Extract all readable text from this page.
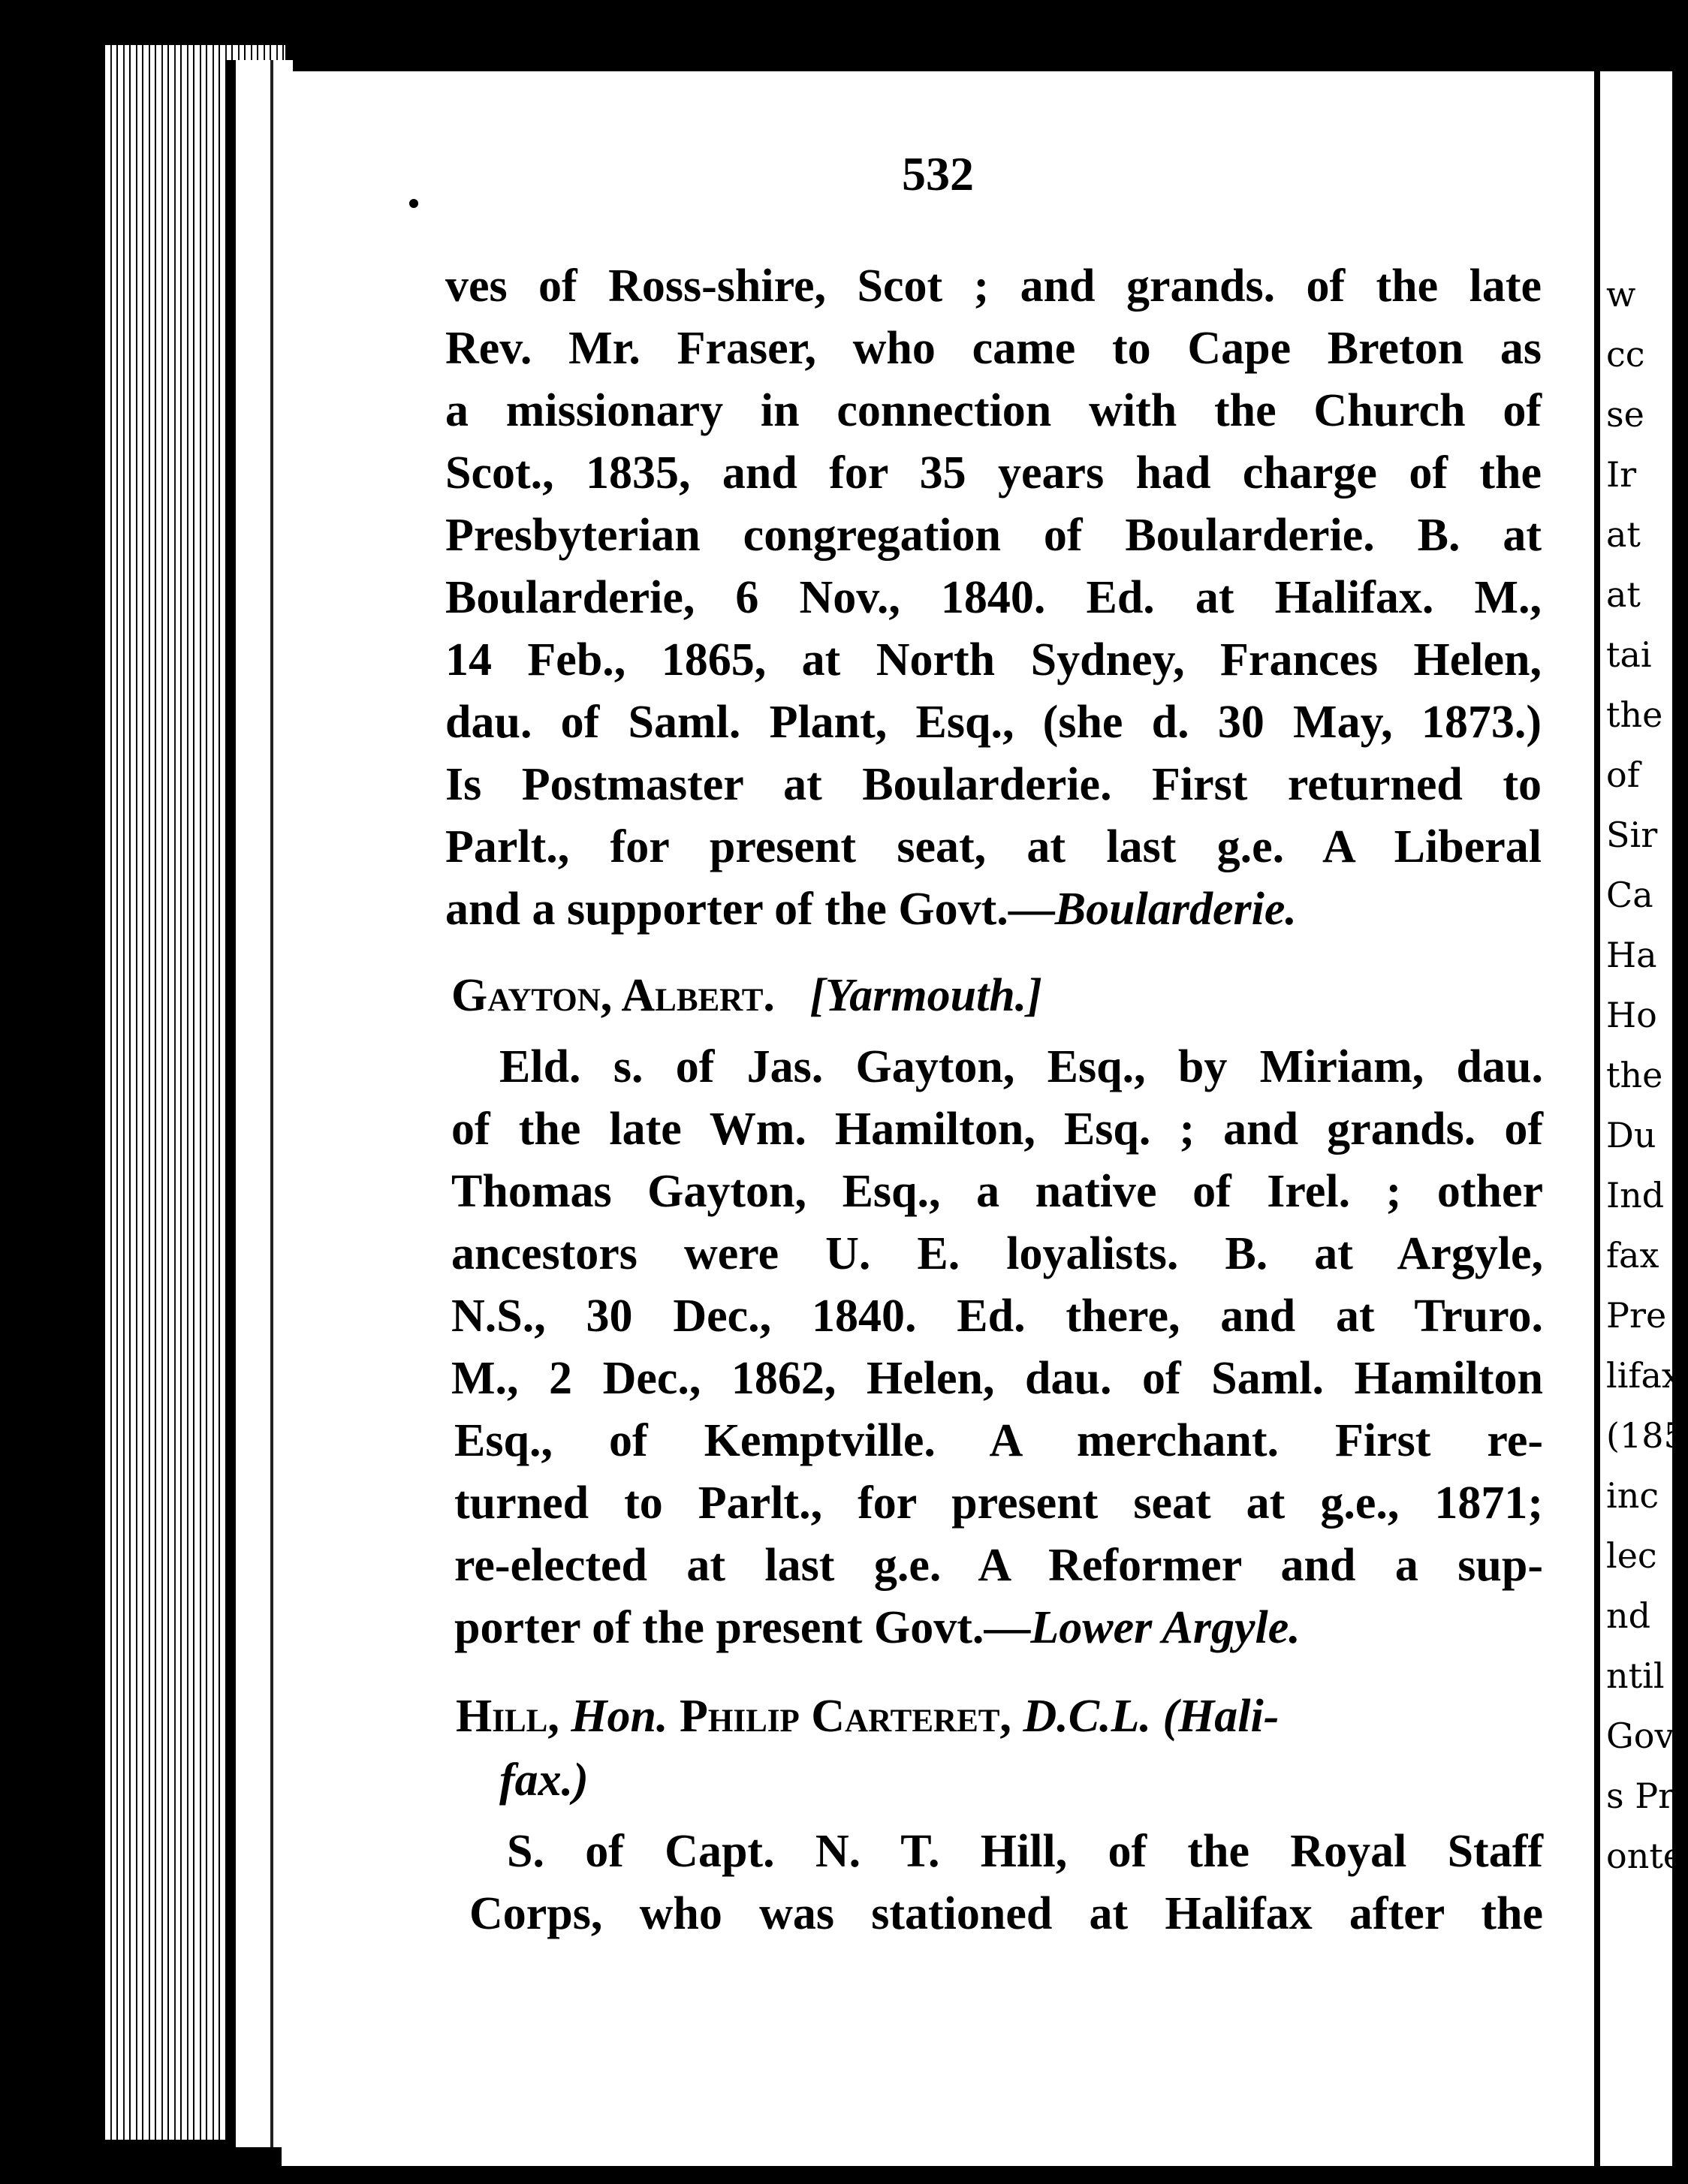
532
ves of Ross-shire, Scot ; and grands. of the late
Rev. Mr. Fraser, who came to Cape Breton as
a missionary in connection with the Church of
Scot., 1835, and for 35 years had charge of the
Presbyterian congregation of Boularderie. B. at
Boularderie, 6 Nov., 1840. Ed. at Halifax. M.,
14 Feb., 1865, at North Sydney, Frances Helen,
dau. of Saml. Plant, Esq., (she d. 30 May, 1873.)
Is Postmaster at Boularderie. First returned to
Parlt., for present seat, at last g.e. A Liberal
and a supporter of the Govt.—Boularderie.
Gayton, Albert. [Yarmouth.]
Eld. s. of Jas. Gayton, Esq., by Miriam, dau.
of the late Wm. Hamilton, Esq. ; and grands. of
Thomas Gayton, Esq., a native of Irel. ; other
ancestors were U. E. loyalists. B. at Argyle,
N.S., 30 Dec., 1840. Ed. there, and at Truro.
M., 2 Dec., 1862, Helen, dau. of Saml. Hamilton
Esq., of Kemptville. A merchant. First re-
turned to Parlt., for present seat at g.e., 1871;
re-elected at last g.e. A Reformer and a sup-
porter of the present Govt.—Lower Argyle.
Hill, Hon. Philip Carteret, D.C.L. (Hali-
fax.)
S. of Capt. N. T. Hill, of the Royal Staff
Corps, who was stationed at Halifax after the
w
cc
se
Ir
at
at
tai
the
of
Sir
Ca
Ha
Ho
the
Du
Ind
fax
Pre
lifax
(185
inc
lec
nd
ntil
Govt
s Pr
onte
